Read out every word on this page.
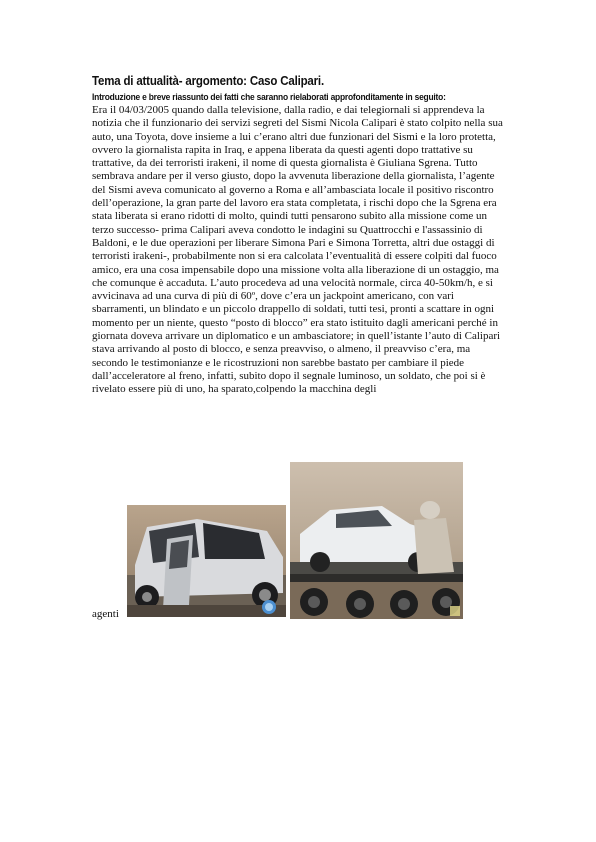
Tema di attualità- argomento: Caso Calipari.
Introduzione e breve riassunto dei fatti che saranno rielaborati approfonditamente in seguito:
Era il 04/03/2005 quando dalla televisione, dalla radio, e dai telegiornali si apprendeva la notizia che il funzionario dei servizi segreti del Sismi Nicola Calipari è stato colpito nella sua auto, una Toyota, dove insieme a lui c’erano altri due funzionari del Sismi e la loro protetta, ovvero la giornalista rapita in Iraq, e appena liberata da questi agenti dopo trattative su trattative, da dei terroristi irakeni, il nome di questa giornalista è Giuliana Sgrena. Tutto sembrava andare per il verso giusto, dopo la avvenuta liberazione della giornalista, l’agente del Sismi aveva comunicato al governo a Roma e all’ambasciata locale il positivo riscontro dell’operazione, la gran parte del lavoro era stata completata, i rischi dopo che la Sgrena era stata liberata si erano ridotti di molto, quindi tutti pensarono subito alla missione come un terzo successo- prima Calipari aveva condotto le indagini su Quattrocchi e l'assassinio di Baldoni, e le due operazioni per liberare Simona Pari e Simona Torretta, altri due ostaggi di terroristi irakeni-, probabilmente non si era calcolata l’eventualità di essere colpiti dal fuoco amico, era una cosa impensabile dopo una missione volta alla liberazione di un ostaggio, ma che comunque è accaduta. L’auto procedeva ad una velocità normale, circa 40-50km/h, e si avvicinava ad una curva di più di 60º, dove c’era un jackpoint americano, con vari sbarramenti, un blindato e un piccolo drappello di soldati, tutti tesi, pronti a scattare in ogni momento per un niente, questo “posto di blocco” era stato istituito dagli americani perché in giornata doveva arrivare un diplomatico e un ambasciatore; in quell’istante l’auto di Calipari stava arrivando al posto di blocco, e senza preavviso, o almeno, il preavviso c’era, ma secondo le testimonianze e le ricostruzioni non sarebbe bastato per cambiare il piede dall’acceleratore al freno, infatti, subito dopo il segnale luminoso, un soldato, che poi si è rivelato essere più di uno, ha sparato,colpendo la macchina degli
agenti
